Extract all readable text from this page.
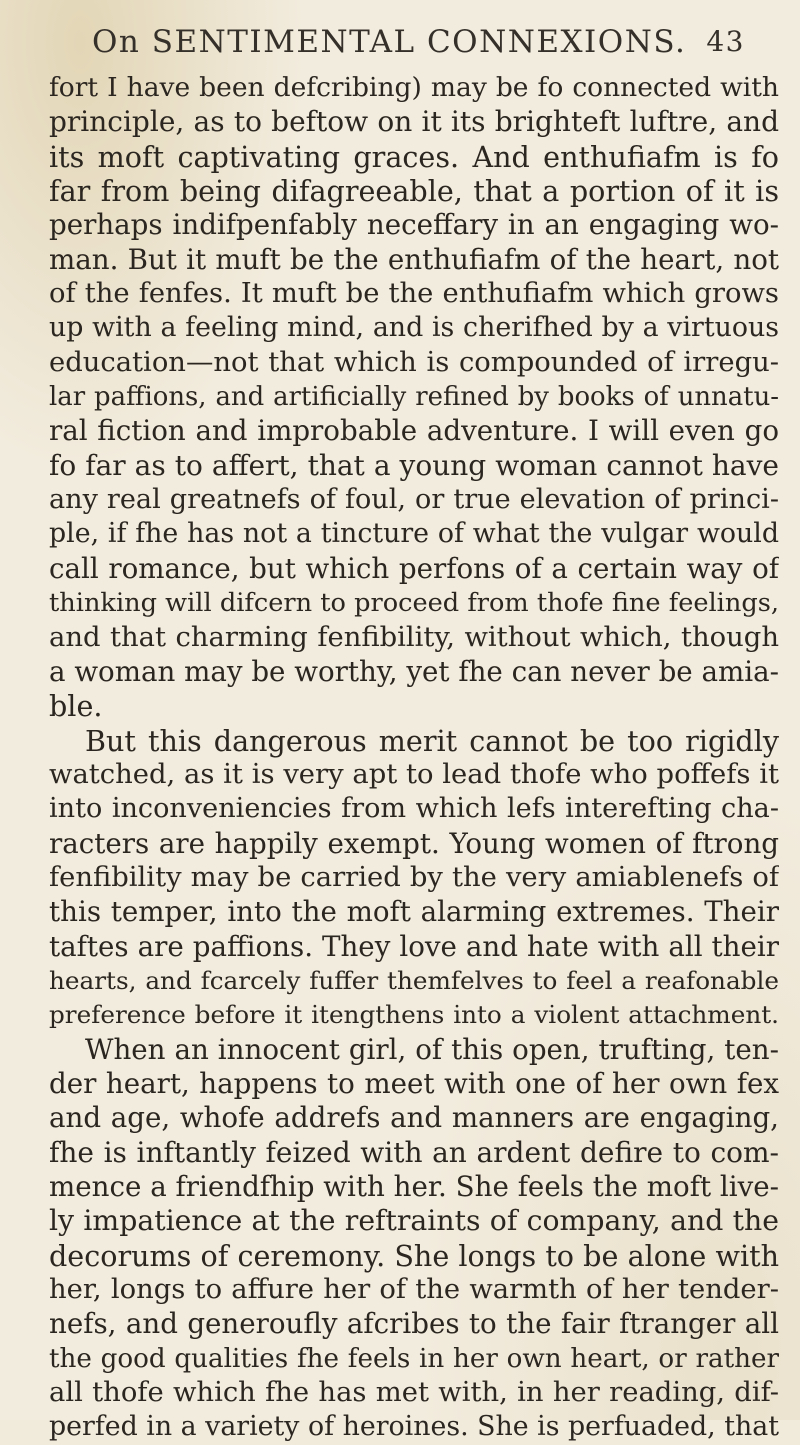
On SENTIMENTAL CONNEXIONS. 43
fort I have been defcribing) may be fo connected with
principle, as to beftow on it its brighteft luftre, and
its moft captivating graces. And enthufiafm is fo
far from being difagreeable, that a portion of it is
perhaps indifpenfably neceffary in an engaging wo-
man. But it muft be the enthufiafm of the heart, not
of the fenfes. It muft be the enthufiafm which grows
up with a feeling mind, and is cherifhed by a virtuous
education—not that which is compounded of irregu-
lar paffions, and artificially refined by books of unnatu-
ral fiction and improbable adventure. I will even go
fo far as to affert, that a young woman cannot have
any real greatnefs of foul, or true elevation of princi-
ple, if fhe has not a tincture of what the vulgar would
call romance, but which perfons of a certain way of
thinking will difcern to proceed from thofe fine feelings,
and that charming fenfibility, without which, though
a woman may be worthy, yet fhe can never be amia-
ble.
But this dangerous merit cannot be too rigidly
watched, as it is very apt to lead thofe who poffefs it
into inconveniencies from which lefs interefting cha-
racters are happily exempt. Young women of ftrong
fenfibility may be carried by the very amiablenefs of
this temper, into the moft alarming extremes. Their
taftes are paffions. They love and hate with all their
hearts, and fcarcely fuffer themfelves to feel a reafonable
preference before it itengthens into a violent attachment.
When an innocent girl, of this open, trufting, ten-
der heart, happens to meet with one of her own fex
and age, whofe addrefs and manners are engaging,
fhe is inftantly feized with an ardent defire to com-
mence a friendfhip with her. She feels the moft live-
ly impatience at the reftraints of company, and the
decorums of ceremony. She longs to be alone with
her, longs to affure her of the warmth of her tender-
nefs, and generoufly afcribes to the fair ftranger all
the good qualities fhe feels in her own heart, or rather
all thofe which fhe has met with, in her reading, dif-
perfed in a variety of heroines. She is perfuaded, that
